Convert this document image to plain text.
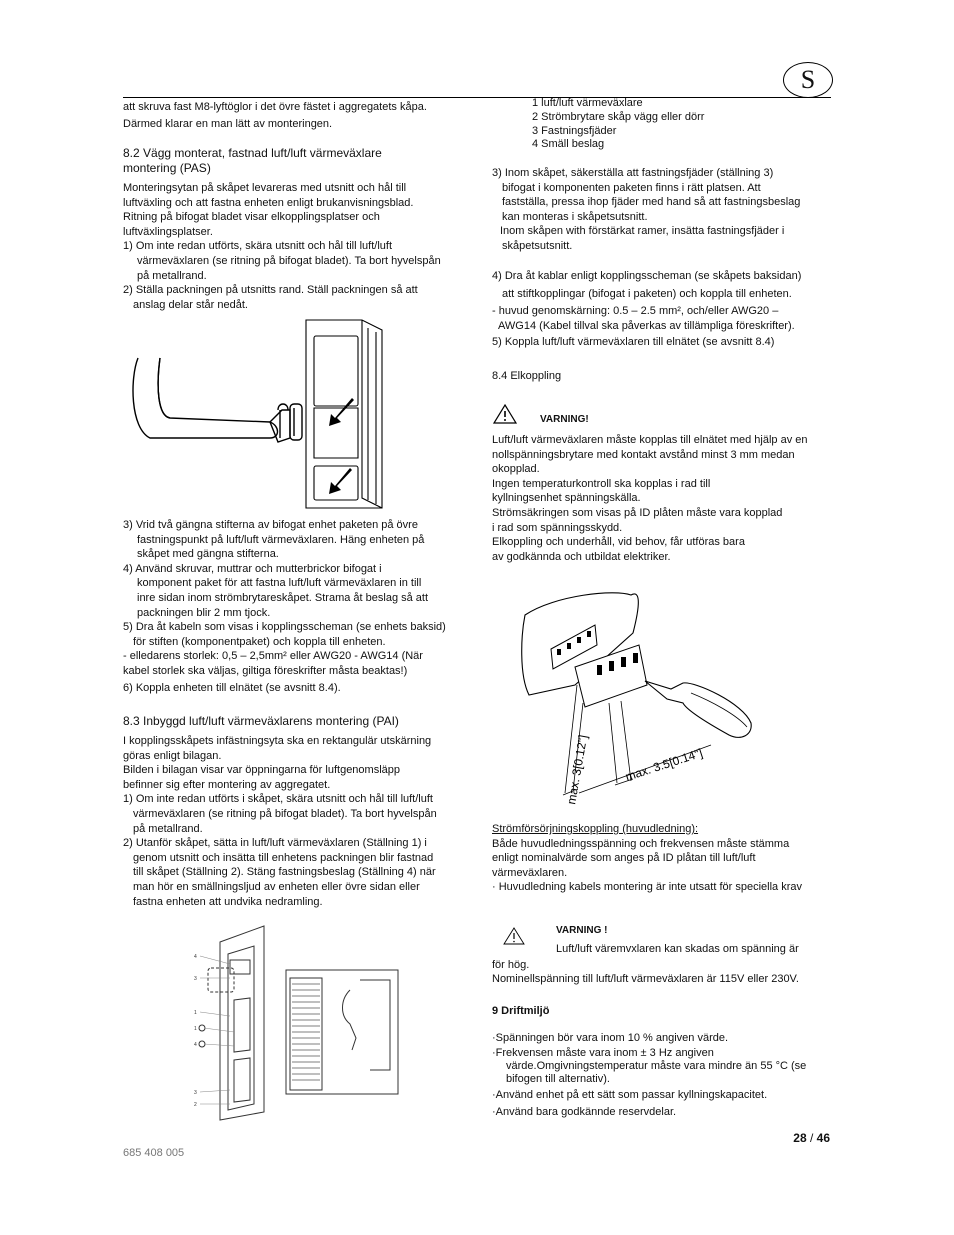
S

att skruva fast M8-lyftöglor i det övre fästet i aggregatets kåpa.

Därmed klarar en man lätt av monteringen.

8.2 Vägg monterat, fastnad luft/luft värmeväxlare

montering (PAS)

Monteringsytan på skåpet levareras med utsnitt och hål till

luftväxling och att fastna enheten enligt brukanvisningsblad.

Ritning på bifogat bladet visar elkopplingsplatser och

luftväxlingsplatser.

1) Om inte redan utförts, skära utsnitt och hål till luft/luft

värmeväxlaren (se ritning på bifogat bladet). Ta bort hyvelspån

på metallrand.

2) Ställa packningen på utsnitts rand. Ställ packningen så att

anslag delar står nedåt.

3) Vrid två gängna stifterna av bifogat enhet paketen på övre

fastningspunkt på luft/luft värmeväxlaren. Häng enheten på

skåpet med gängna stifterna.

4) Använd skruvar, muttrar och mutterbrickor bifogat i

komponent paket för att fastna luft/luft värmeväxlaren in till

inre sidan inom strömbrytareskåpet. Strama åt beslag så att

packningen blir 2 mm tjock.

5) Dra åt kabeln som visas i kopplingsscheman (se enhets baksid)

för stiften (komponentpaket) och koppla till enheten.

- elledarens storlek: 0,5 – 2,5mm² eller AWG20 - AWG14 (När

kabel storlek ska väljas, giltiga föreskrifter måsta beaktas!)

6) Koppla enheten till elnätet (se avsnitt 8.4).

8.3 Inbyggd luft/luft värmeväxlarens montering (PAI)

I kopplingsskåpets infästningsyta ska en rektangulär utskärning

göras enligt bilagan.

Bilden i bilagan visar var öppningarna för luftgenomsläpp

befinner sig efter montering av aggregatet.

1) Om inte redan utförts i skåpet, skära utsnitt och hål till luft/luft

värmeväxlaren (se ritning på bifogat bladet). Ta bort hyvelspån

på metallrand.

2) Utanför skåpet, sätta in luft/luft värmeväxlaren (Ställning 1) i

genom utsnitt och insätta till enhetens packningen blir fastnad

till skåpet (Ställning 2). Stäng fastningsbeslag (Ställning 4) när

man hör en smällningsljud av enheten eller övre sidan eller

fastna enheten att undvika nedramling.

4
3
1
1
4
3
2

1 luft/luft värmeväxlare

2 Strömbrytare skåp vägg eller dörr

3 Fastningsfjäder

4 Smäll beslag

3) Inom skåpet, säkerställa att fastningsfjäder (ställning 3)

bifogat i komponenten paketen finns i rätt platsen. Att

fastställa, pressa ihop fjäder med hand så att fastningsbeslag

kan monteras i skåpetsutsnitt.

Inom skåpen with förstärkat ramer, insätta fastningsfjäder i

skåpetsutsnitt.

4) Dra åt kablar enligt kopplingsscheman (se skåpets baksidan)

att stiftkopplingar (bifogat i paketen) och koppla till enheten.

- huvud genomskärning: 0.5 – 2.5 mm², och/eller AWG20 –

AWG14 (Kabel tillval ska påverkas av tillämpliga föreskrifter).

5) Koppla luft/luft värmeväxlaren till elnätet (se avsnitt 8.4)

8.4 Elkoppling

VARNING!

Luft/luft värmeväxlaren måste kopplas till elnätet med hjälp av en

nollspänningsbrytare med kontakt avstånd minst 3 mm medan

okopplad.

Ingen temperaturkontroll ska kopplas i rad till

kyllningsenhet spänningskälla.

Strömsäkringen som visas på ID plåten måste vara kopplad

i rad som spänningsskydd.

Elkoppling och underhåll, vid behov, får utföras bara

av godkännda och utbildat elektriker.

max. 3[0.12"]	max. 3.5[0.14"]

Strömförsörjningskoppling (huvudledning):

Både huvudledningsspänning och frekvensen måste stämma

enligt nominalvärde som anges på ID plåtan till luft/luft

värmeväxlaren.

· Huvudledning kabels montering är inte utsatt för speciella krav

VARNING !
Luft/luft väremvxlaren kan skadas om spänning är
för hög.
Nominellspänning till luft/luft värmeväxlaren är 115V eller 230V.
9 Driftmiljö

·Spänningen bör vara inom 10 % angiven värde.

·Frekvensen måste vara inom ± 3 Hz angiven

värde.Omgivningstemperatur måste vara mindre än 55 °C (se

bifogen till alternativ).

·Använd enhet på ett sätt som passar kyllningskapacitet.

·Använd bara godkännde reservdelar.

28 / 46
685 408 005
